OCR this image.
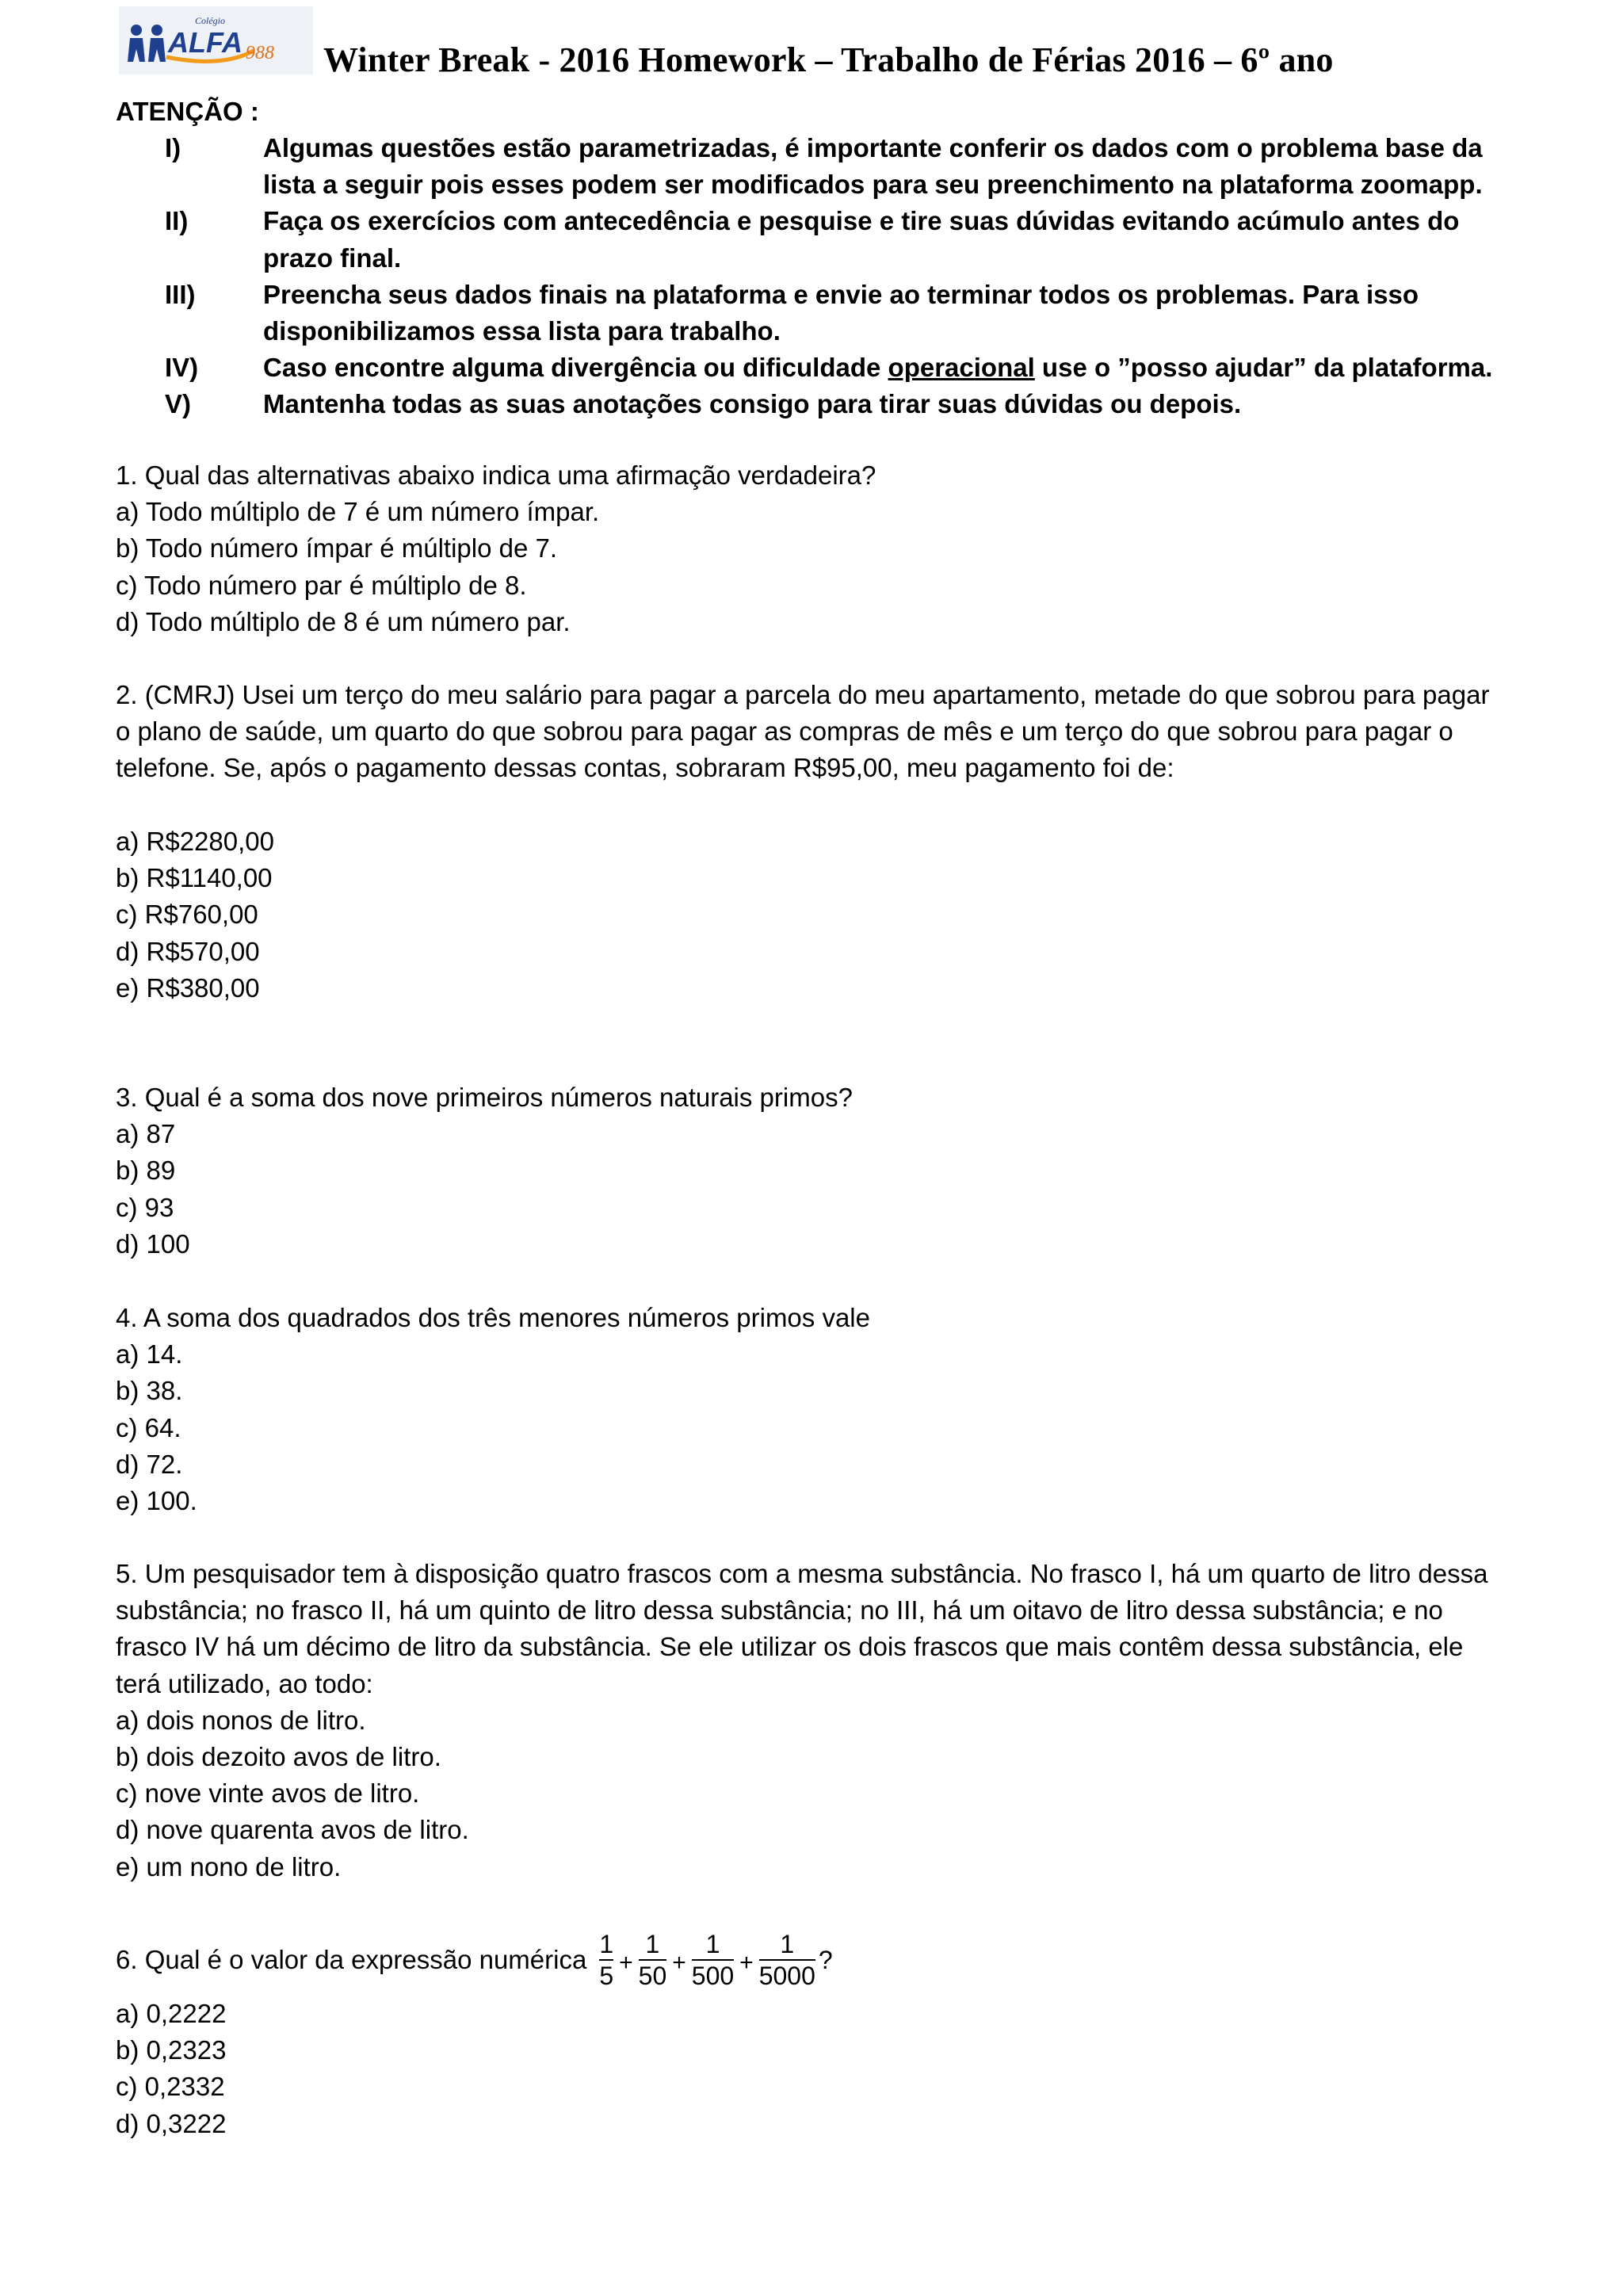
Colégio
ALFA 988 Winter Break - 2016 Homework – Trabalho de Férias 2016 – 6º ano
ATENÇÃO :
I)	Algumas questões estão parametrizadas, é importante conferir os dados com o problema base da lista a seguir pois esses podem ser modificados para seu preenchimento na plataforma zoomapp.
II)	Faça os exercícios com antecedência e pesquise e tire suas dúvidas evitando acúmulo antes do prazo final.
III)	Preencha seus dados finais na plataforma e envie ao terminar todos os problemas. Para isso disponibilizamos essa lista para trabalho.
IV)	Caso encontre alguma divergência ou dificuldade operacional use o ”posso ajudar” da plataforma.
V)	Mantenha todas as suas anotações consigo para tirar suas dúvidas ou depois.
1. Qual das alternativas abaixo indica uma afirmação verdadeira?
a) Todo múltiplo de 7 é um número ímpar.
b) Todo número ímpar é múltiplo de 7.
c) Todo número par é múltiplo de 8.
d) Todo múltiplo de 8 é um número par.
2. (CMRJ) Usei um terço do meu salário para pagar a parcela do meu apartamento, metade do que sobrou para pagar o plano de saúde, um quarto do que sobrou para pagar as compras de mês e um terço do que sobrou para pagar o telefone. Se, após o pagamento dessas contas, sobraram R$95,00, meu pagamento foi de:
a) R$2280,00
b) R$1140,00
c) R$760,00
d) R$570,00
e) R$380,00
3. Qual é a soma dos nove primeiros números naturais primos?
a) 87
b) 89
c) 93
d) 100
4. A soma dos quadrados dos três menores números primos vale
a) 14.
b) 38.
c) 64.
d) 72.
e) 100.
5. Um pesquisador tem à disposição quatro frascos com a mesma substância. No frasco I, há um quarto de litro dessa substância; no frasco II, há um quinto de litro dessa substância; no III, há um oitavo de litro dessa substância; e no frasco IV há um décimo de litro da substância. Se ele utilizar os dois frascos que mais contêm dessa substância, ele terá utilizado, ao todo:
a) dois nonos de litro.
b) dois dezoito avos de litro.
c) nove vinte avos de litro.
d) nove quarenta avos de litro.
e) um nono de litro.
6. Qual é o valor da expressão numérica $\frac{1}{5} + \frac{1}{50} + \frac{1}{500} + \frac{1}{5000}$ ?
a) 0,2222
b) 0,2323
c) 0,2332
d) 0,3222
